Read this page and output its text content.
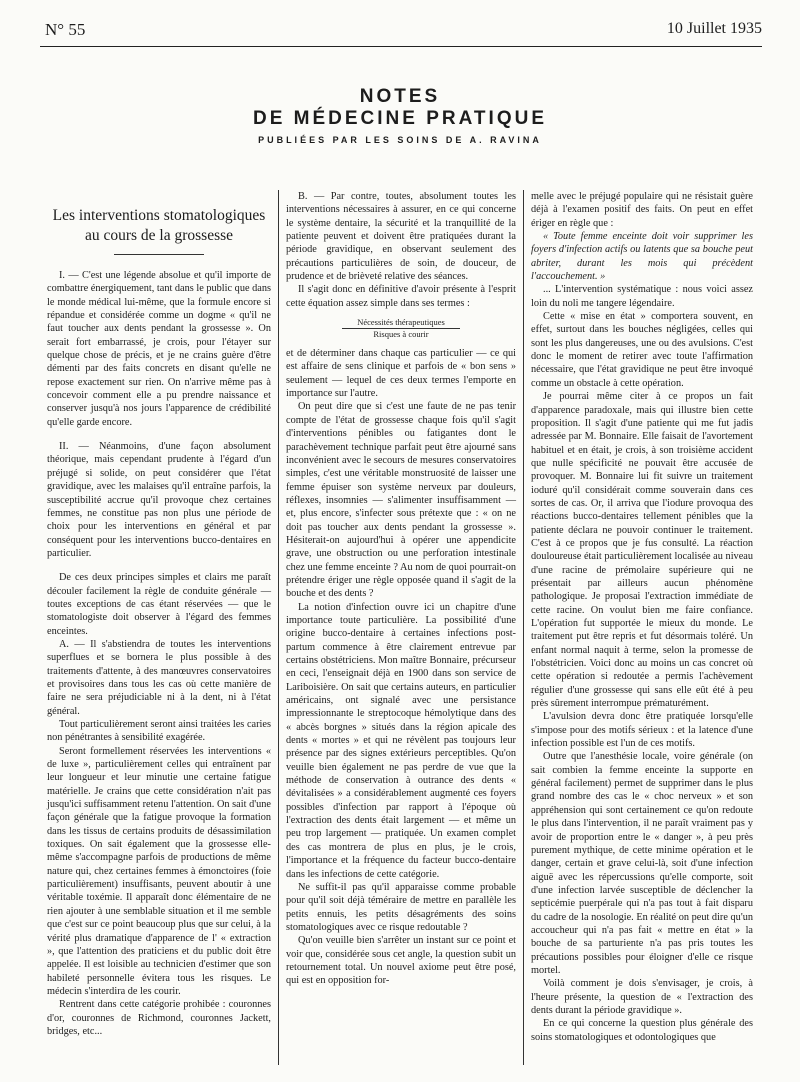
N° 55	10 Juillet 1935
NOTES
DE MÉDECINE PRATIQUE
PUBLIÉES PAR LES SOINS DE A. RAVINA
Les interventions stomatologiques
au cours de la grossesse

I. — C'est une légende absolue et qu'il importe de combattre énergiquement, tant dans le public que dans le monde médical lui-même, que la formule encore si répandue et considérée comme un dogme « qu'il ne faut toucher aux dents pendant la grossesse ». On serait fort embarrassé, je crois, pour l'étayer sur quelque chose de précis, et je ne crains guère d'être démenti par des faits concrets en disant qu'elle ne repose exactement sur rien. On n'arrive même pas à concevoir comment elle a pu prendre naissance et conserver jusqu'à nos jours l'apparence de crédibilité qu'elle garde encore.

II. — Néanmoins, d'une façon absolument théorique, mais cependant prudente à l'égard d'un préjugé si solide, on peut considérer que l'état gravidique, avec les malaises qu'il entraîne parfois, la susceptibilité accrue qu'il provoque chez certaines femmes, ne constitue pas non plus une période de choix pour les interventions en général et par conséquent pour les interventions bucco-dentaires en particulier.

De ces deux principes simples et clairs me paraît découler facilement la règle de conduite générale — toutes exceptions de cas étant réservées — que le stomatologiste doit observer à l'égard des femmes enceintes.

A. — Il s'abstiendra de toutes les interventions superflues et se bornera le plus possible à des traitements d'attente, à des manœuvres conservatoires et provisoires dans tous les cas où cette manière de faire ne sera préjudiciable ni à la dent, ni à l'état général.

Tout particulièrement seront ainsi traitées les caries non pénétrantes à sensibilité exagérée.

Seront formellement réservées les interventions « de luxe », particulièrement celles qui entraînent par leur longueur et leur minutie une certaine fatigue matérielle. Je crains que cette considération n'ait pas jusqu'ici suffisamment retenu l'attention. On sait d'une façon générale que la fatigue provoque la formation dans les tissus de certains produits de désassimilation toxiques. On sait également que la grossesse elle-même s'accompagne parfois de productions de même nature qui, chez certaines femmes à émonctoires (foie particulièrement) insuffisants, peuvent aboutir à une véritable toxémie. Il apparaît donc élémentaire de ne rien ajouter à une semblable situation et il me semble que c'est sur ce point beaucoup plus que sur celui, à la vérité plus dramatique d'apparence de l' « extraction », que l'attention des praticiens et du public doit être appelée. Il est loisible au technicien d'estimer que son habileté personnelle évitera tous les risques. Le médecin s'interdira de les courir.

Rentrent dans cette catégorie prohibée : couronnes d'or, couronnes de Richmond, couronnes Jackett, bridges, etc...

B. — Par contre, toutes, absolument toutes les interventions nécessaires à assurer, en ce qui concerne le système dentaire, la sécurité et la tranquillité de la patiente peuvent et doivent être pratiquées durant la période gravidique, en observant seulement des précautions particulières de soin, de douceur, de prudence et de brièveté relative des séances.

Il s'agit donc en définitive d'avoir présente à l'esprit cette équation assez simple dans ses termes :

Nécessités thérapeutiques
Risques à courir

et de déterminer dans chaque cas particulier — ce qui est affaire de sens clinique et parfois de « bon sens » seulement — lequel de ces deux termes l'emporte en importance sur l'autre.

On peut dire que si c'est une faute de ne pas tenir compte de l'état de grossesse chaque fois qu'il s'agit d'interventions pénibles ou fatigantes dont le parachèvement technique parfait peut être ajourné sans inconvénient avec le secours de mesures conservatoires simples, c'est une véritable monstruosité de laisser une femme épuiser son système nerveux par douleurs, réflexes, insomnies — s'alimenter insuffisamment — et, plus encore, s'infecter sous prétexte que : « on ne doit pas toucher aux dents pendant la grossesse ». Hésiterait-on aujourd'hui à opérer une appendicite grave, une obstruction ou une perforation intestinale chez une femme enceinte ? Au nom de quoi pourrait-on prétendre ériger une règle opposée quand il s'agit de la bouche et des dents ?

La notion d'infection ouvre ici un chapitre d'une importance toute particulière. La possibilité d'une origine bucco-dentaire à certaines infections post-partum commence à être clairement entrevue par certains obstétriciens. Mon maître Bonnaire, précurseur en ceci, l'enseignait déjà en 1900 dans son service de Lariboisière. On sait que certains auteurs, en particulier américains, ont signalé avec une persistance impressionnante le streptocoque hémolytique dans des « abcès borgnes » situés dans la région apicale des dents « mortes » et qui ne révèlent pas toujours leur présence par des signes extérieurs perceptibles. Qu'on veuille bien également ne pas perdre de vue que la méthode de conservation à outrance des dents « dévitalisées » a considérablement augmenté ces foyers possibles d'infection par rapport à l'époque où l'extraction des dents était largement — et même un peu trop largement — pratiquée. Un examen complet des cas montrera de plus en plus, je le crois, l'importance et la fréquence du facteur bucco-dentaire dans les infections de cette catégorie.

Ne suffit-il pas qu'il apparaisse comme probable pour qu'il soit déjà téméraire de mettre en parallèle les petits ennuis, les petits désagréments des soins stomatologiques avec ce risque redoutable ?

Qu'on veuille bien s'arrêter un instant sur ce point et voir que, considérée sous cet angle, la question subit un retournement total. Un nouvel axiome peut être posé, qui est en opposition for-

melle avec le préjugé populaire qui ne résistait guère déjà à l'examen positif des faits. On peut en effet ériger en règle que :

« Toute femme enceinte doit voir supprimer les foyers d'infection actifs ou latents que sa bouche peut abriter, durant les mois qui précèdent l'accouchement. »

... L'intervention systématique : nous voici assez loin du noli me tangere légendaire.

Cette « mise en état » comportera souvent, en effet, surtout dans les bouches négligées, celles qui sont les plus dangereuses, une ou des avulsions. C'est donc le moment de retirer avec toute l'affirmation nécessaire, que l'état gravidique ne peut être invoqué comme un obstacle à cette opération.

Je pourrai même citer à ce propos un fait d'apparence paradoxale, mais qui illustre bien cette proposition. Il s'agit d'une patiente qui me fut jadis adressée par M. Bonnaire. Elle faisait de l'avortement habituel et en était, je crois, à son troisième accident que nulle spécificité ne pouvait être accusée de provoquer. M. Bonnaire lui fit suivre un traitement ioduré qu'il considérait comme souverain dans ces sortes de cas. Or, il arriva que l'iodure provoqua des réactions bucco-dentaires tellement pénibles que la patiente déclara ne pouvoir continuer le traitement. C'est à ce propos que je fus consulté. La réaction douloureuse était particulièrement localisée au niveau d'une racine de prémolaire supérieure qui ne présentait par ailleurs aucun phénomène pathologique. Je proposai l'extraction immédiate de cette racine. On voulut bien me faire confiance. L'opération fut supportée le mieux du monde. Le traitement put être repris et fut désormais toléré. Un enfant normal naquit à terme, selon la promesse de l'obstétricien. Voici donc au moins un cas concret où cette opération si redoutée a permis l'achèvement régulier d'une grossesse qui sans elle eût été à peu près sûrement interrompue prématurément.

L'avulsion devra donc être pratiquée lorsqu'elle s'impose pour des motifs sérieux : et la latence d'une infection possible est l'un de ces motifs.

Outre que l'anesthésie locale, voire générale (on sait combien la femme enceinte la supporte en général facilement) permet de supprimer dans le plus grand nombre des cas le « choc nerveux » et son appréhension qui sont certainement ce qu'on redoute le plus dans l'intervention, il ne paraît vraiment pas y avoir de proportion entre le « danger », à peu près purement mythique, de cette minime opération et le danger, certain et grave celui-là, soit d'une infection aiguë avec les répercussions qu'elle comporte, soit d'une infection larvée susceptible de déclencher la septicémie puerpérale qui n'a pas tout à fait disparu du cadre de la nosologie. En réalité on peut dire qu'un accoucheur qui n'a pas fait « mettre en état » la bouche de sa parturiente n'a pas pris toutes les précautions possibles pour éloigner d'elle ce risque mortel.

Voilà comment je dois s'envisager, je crois, à l'heure présente, la question de « l'extraction des dents durant la période gravidique ».

En ce qui concerne la question plus générale des soins stomatologiques et odontologiques que
